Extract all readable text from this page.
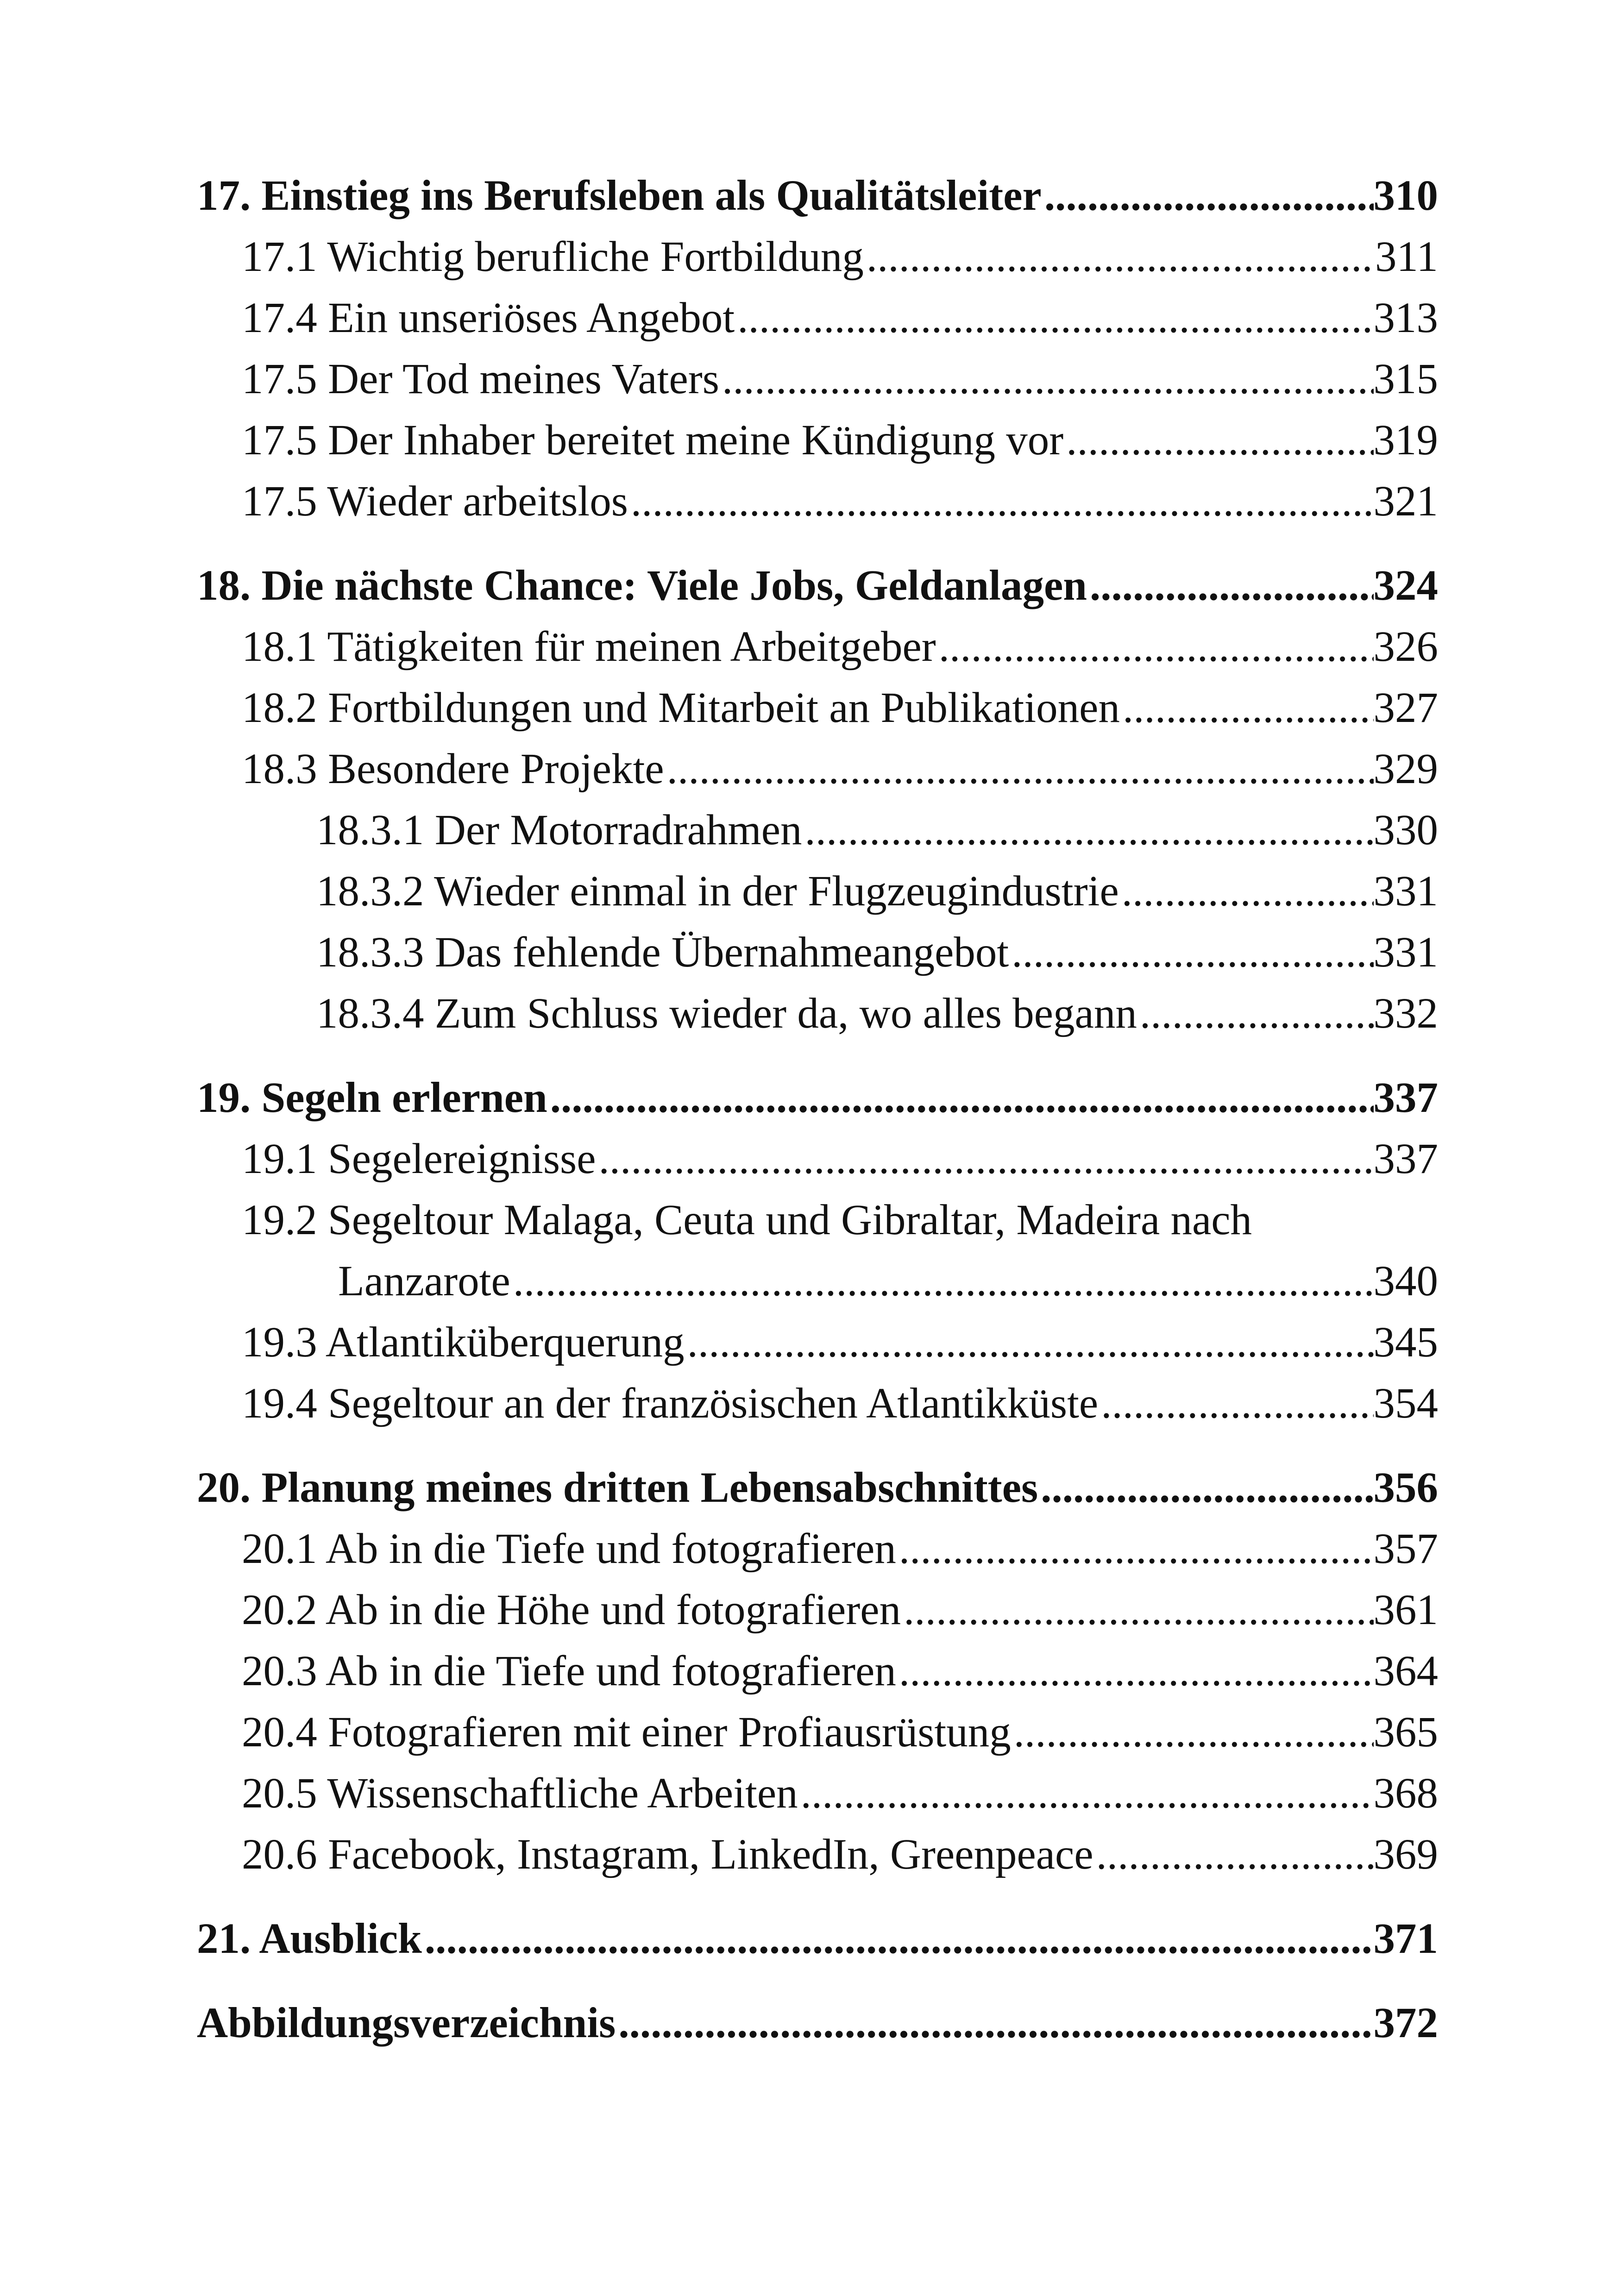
17. Einstieg ins Berufsleben als Qualitätsleiter .....	310
17.1 Wichtig berufliche Fortbildung .....	311
17.4 Ein unseriöses Angebot .....	313
17.5 Der Tod meines Vaters .....	315
17.5 Der Inhaber bereitet meine Kündigung vor .....	319
17.5 Wieder arbeitslos .....	321
18. Die nächste Chance: Viele Jobs, Geldanlagen .....	324
18.1 Tätigkeiten für meinen Arbeitgeber .....	326
18.2 Fortbildungen und Mitarbeit an Publikationen .....	327
18.3 Besondere Projekte .....	329
18.3.1 Der Motorradrahmen .....	330
18.3.2 Wieder einmal in der Flugzeugindustrie .....	331
18.3.3 Das fehlende Übernahmeangebot .....	331
18.3.4 Zum Schluss wieder da, wo alles begann .....	332
19. Segeln erlernen .....	337
19.1 Segelereignisse .....	337
19.2 Segeltour Malaga, Ceuta und Gibraltar, Madeira nach
Lanzarote .....	340
19.3 Atlantiküberquerung .....	345
19.4 Segeltour an der französischen Atlantikküste .....	354
20. Planung meines dritten Lebensabschnittes .....	356
20.1 Ab in die Tiefe und fotografieren .....	357
20.2 Ab in die Höhe und fotografieren .....	361
20.3 Ab in die Tiefe und fotografieren .....	364
20.4 Fotografieren mit einer Profiausrüstung .....	365
20.5 Wissenschaftliche Arbeiten .....	368
20.6 Facebook, Instagram, LinkedIn, Greenpeace .....	369
21. Ausblick .....	371
Abbildungsverzeichnis .....	372
